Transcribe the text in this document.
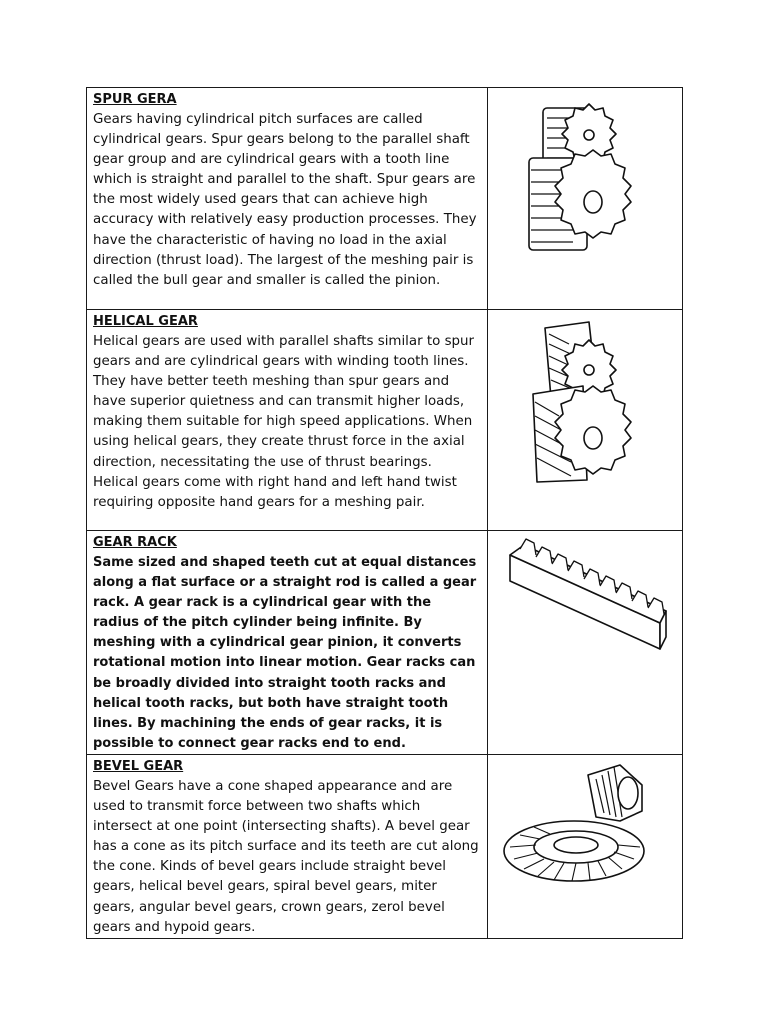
SPUR GERA

Gears having cylindrical pitch surfaces are called cylindrical gears. Spur gears belong to the parallel shaft gear group and are cylindrical gears with a tooth line which is straight and parallel to the shaft. Spur gears are the most widely used gears that can achieve high accuracy with relatively easy production processes. They have the characteristic of having no load in the axial direction (thrust load). The largest of the meshing pair is called the bull gear and smaller is called the pinion.

HELICAL GEAR

Helical gears are used with parallel shafts similar to spur gears and are cylindrical gears with winding tooth lines. They have better teeth meshing than spur gears and have superior quietness and can transmit higher loads, making them suitable for high speed applications. When using helical gears, they create thrust force in the axial direction, necessitating the use of thrust bearings. Helical gears come with right hand and left hand twist requiring opposite hand gears for a meshing pair.

GEAR RACK

Same sized and shaped teeth cut at equal distances along a flat surface or a straight rod is called a gear rack. A gear rack is a cylindrical gear with the radius of the pitch cylinder being infinite. By meshing with a cylindrical gear pinion, it converts rotational motion into linear motion. Gear racks can be broadly divided into straight tooth racks and helical tooth racks, but both have straight tooth lines. By machining the ends of gear racks, it is possible to connect gear racks end to end.

BEVEL GEAR

Bevel Gears have a cone shaped appearance and are used to transmit force between two shafts which intersect at one point (intersecting shafts). A bevel gear has a cone as its pitch surface and its teeth are cut along the cone. Kinds of bevel gears include straight bevel gears, helical bevel gears, spiral bevel gears, miter gears, angular bevel gears, crown gears, zerol bevel gears and hypoid gears.
